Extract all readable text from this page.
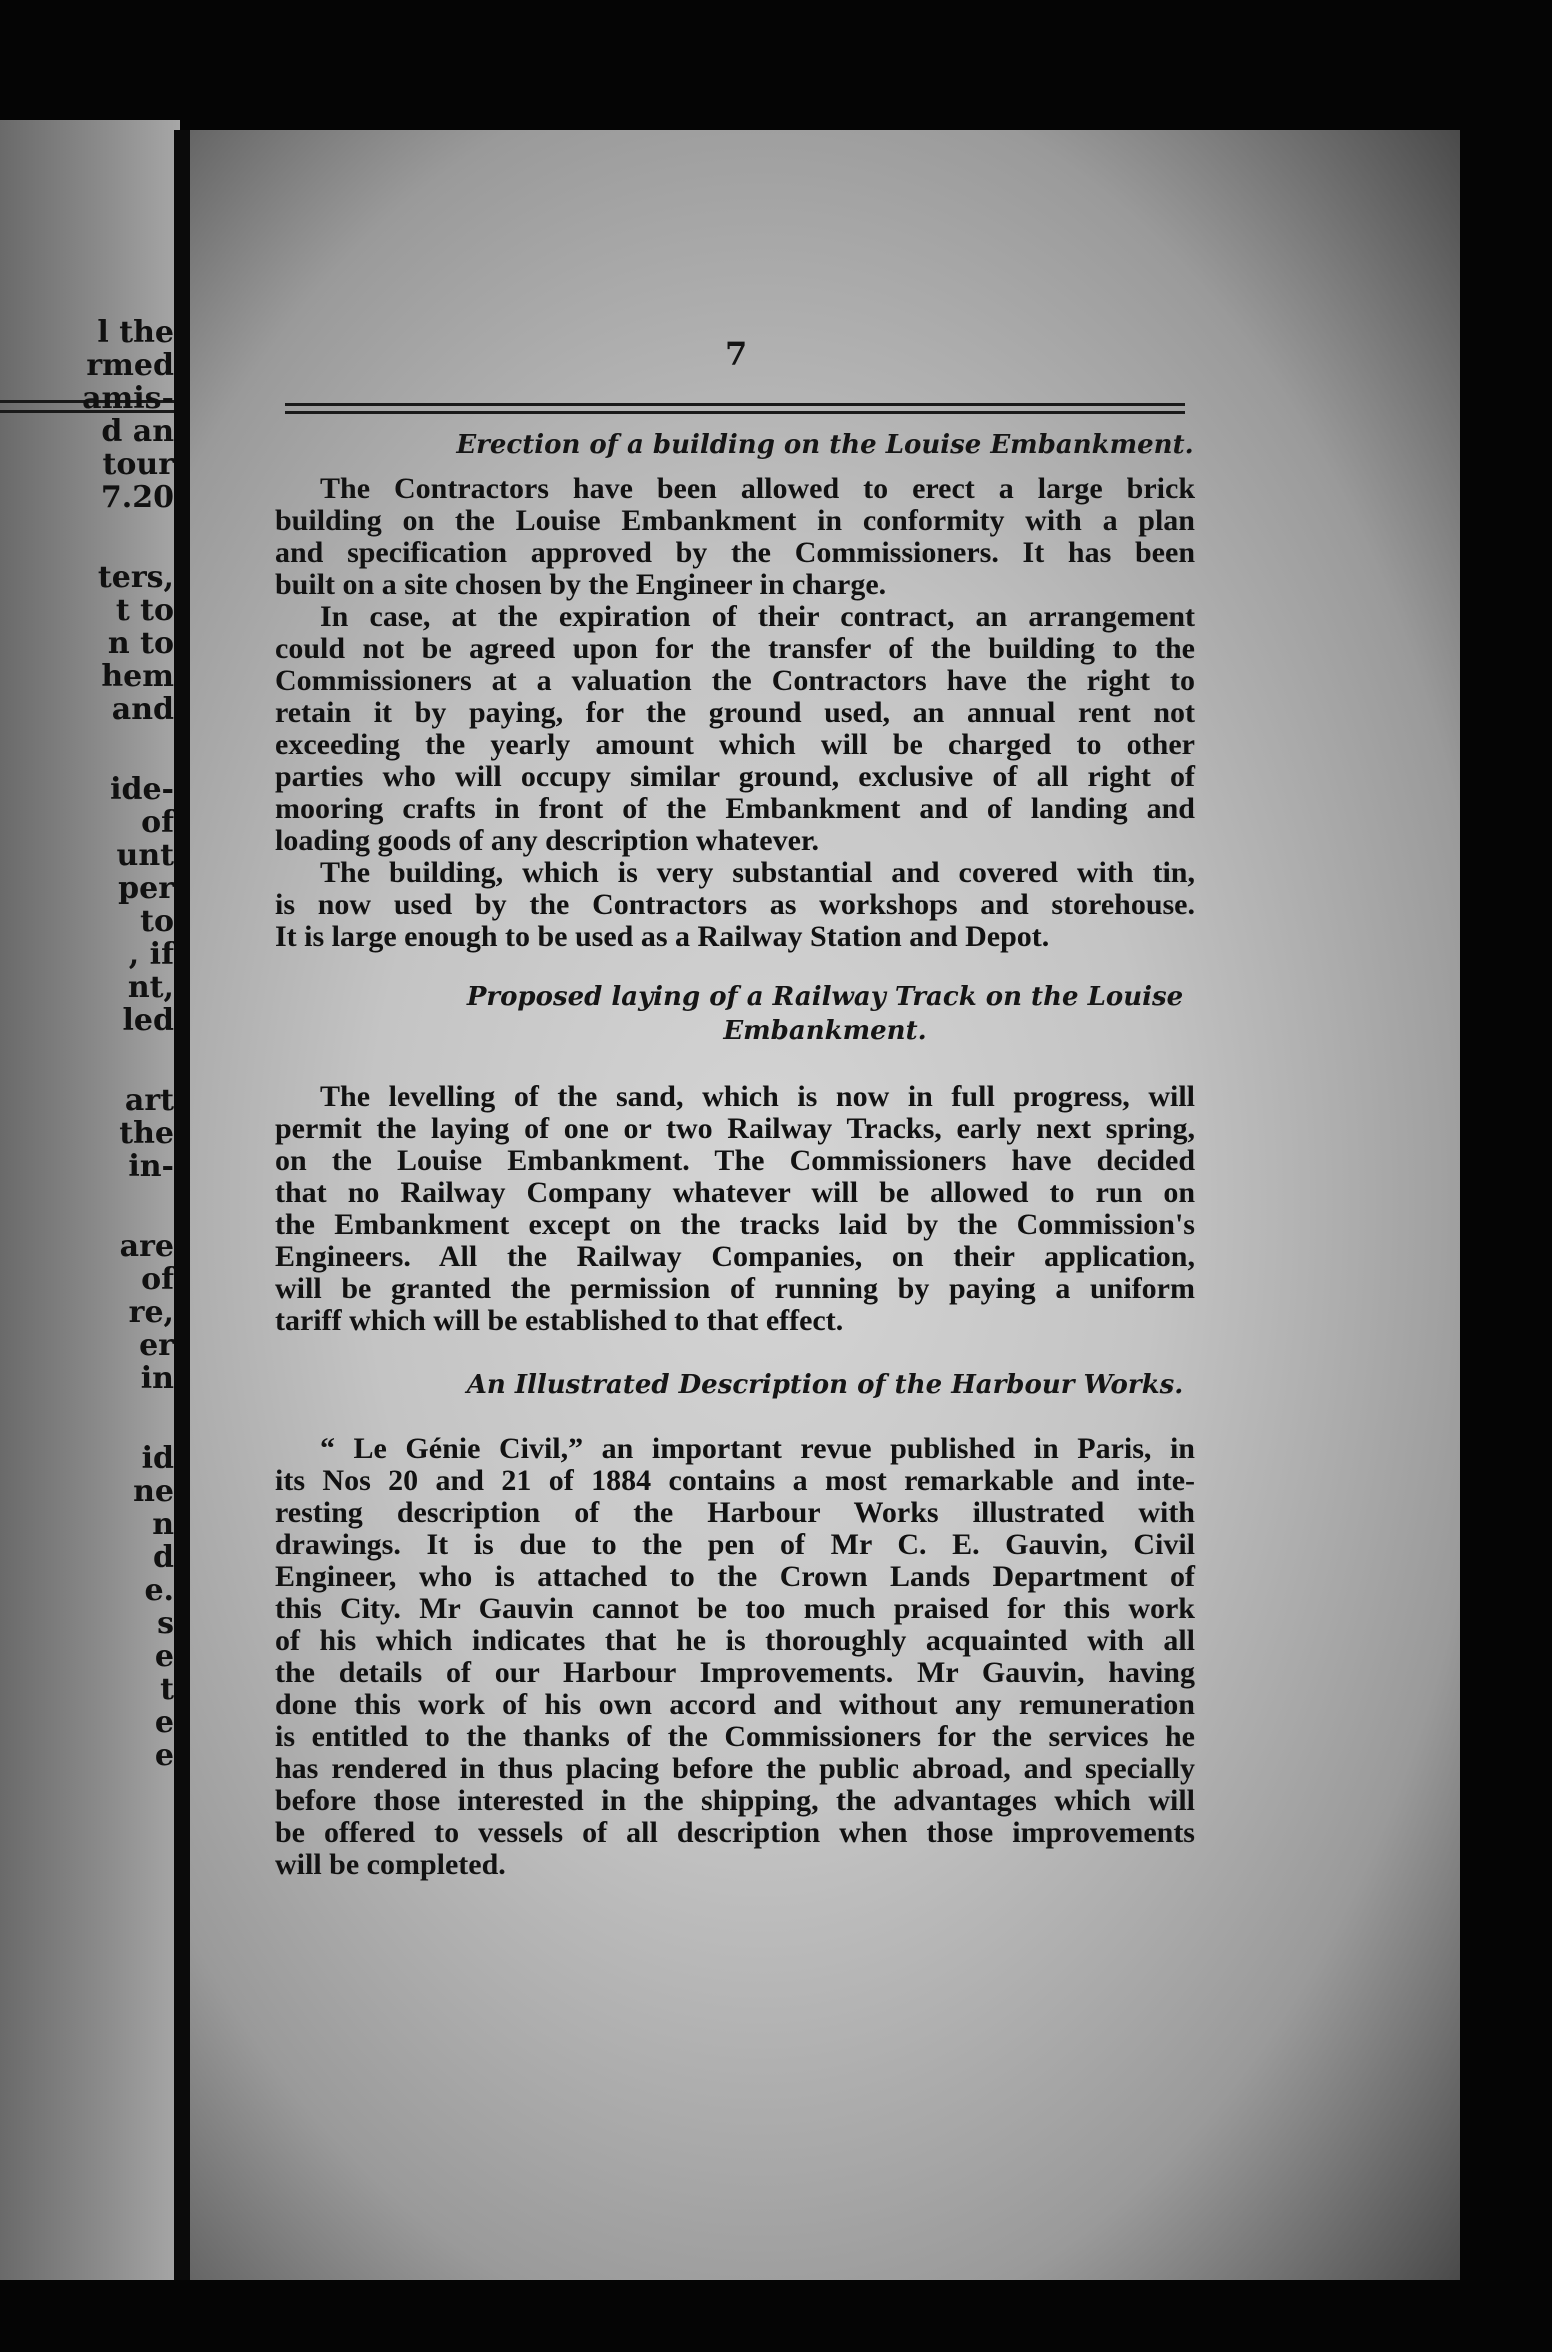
l the
rmed
amis-
d an
tour
7.20
ters,
t to
n to
hem
and
ide-
of
unt
per
to
, if
nt,
led
art
the
in-
are
of
re,
er
in
id
ne
n
d
e.
s
e
t
e
e
7
Erection of a building on the Louise Embankment.
The Contractors have been allowed to erect a large brick
building on the Louise Embankment in conformity with a plan
and specification approved by the Commissioners. It has been
built on a site chosen by the Engineer in charge.
In case, at the expiration of their contract, an arrangement
could not be agreed upon for the transfer of the building to the
Commissioners at a valuation the Contractors have the right to
retain it by paying, for the ground used, an annual rent not
exceeding the yearly amount which will be charged to other
parties who will occupy similar ground, exclusive of all right of
mooring crafts in front of the Embankment and of landing and
loading goods of any description whatever.
The building, which is very substantial and covered with tin,
is now used by the Contractors as workshops and storehouse.
It is large enough to be used as a Railway Station and Depot.
Proposed laying of a Railway Track on the Louise
Embankment.
The levelling of the sand, which is now in full progress, will
permit the laying of one or two Railway Tracks, early next spring,
on the Louise Embankment. The Commissioners have decided
that no Railway Company whatever will be allowed to run on
the Embankment except on the tracks laid by the Commission's
Engineers. All the Railway Companies, on their application,
will be granted the permission of running by paying a uniform
tariff which will be established to that effect.
An Illustrated Description of the Harbour Works.
“ Le Génie Civil,” an important revue published in Paris, in
its Nos 20 and 21 of 1884 contains a most remarkable and inte-
resting description of the Harbour Works illustrated with
drawings. It is due to the pen of Mr C. E. Gauvin, Civil
Engineer, who is attached to the Crown Lands Department of
this City. Mr Gauvin cannot be too much praised for this work
of his which indicates that he is thoroughly acquainted with all
the details of our Harbour Improvements. Mr Gauvin, having
done this work of his own accord and without any remuneration
is entitled to the thanks of the Commissioners for the services he
has rendered in thus placing before the public abroad, and specially
before those interested in the shipping, the advantages which will
be offered to vessels of all description when those improvements
will be completed.
